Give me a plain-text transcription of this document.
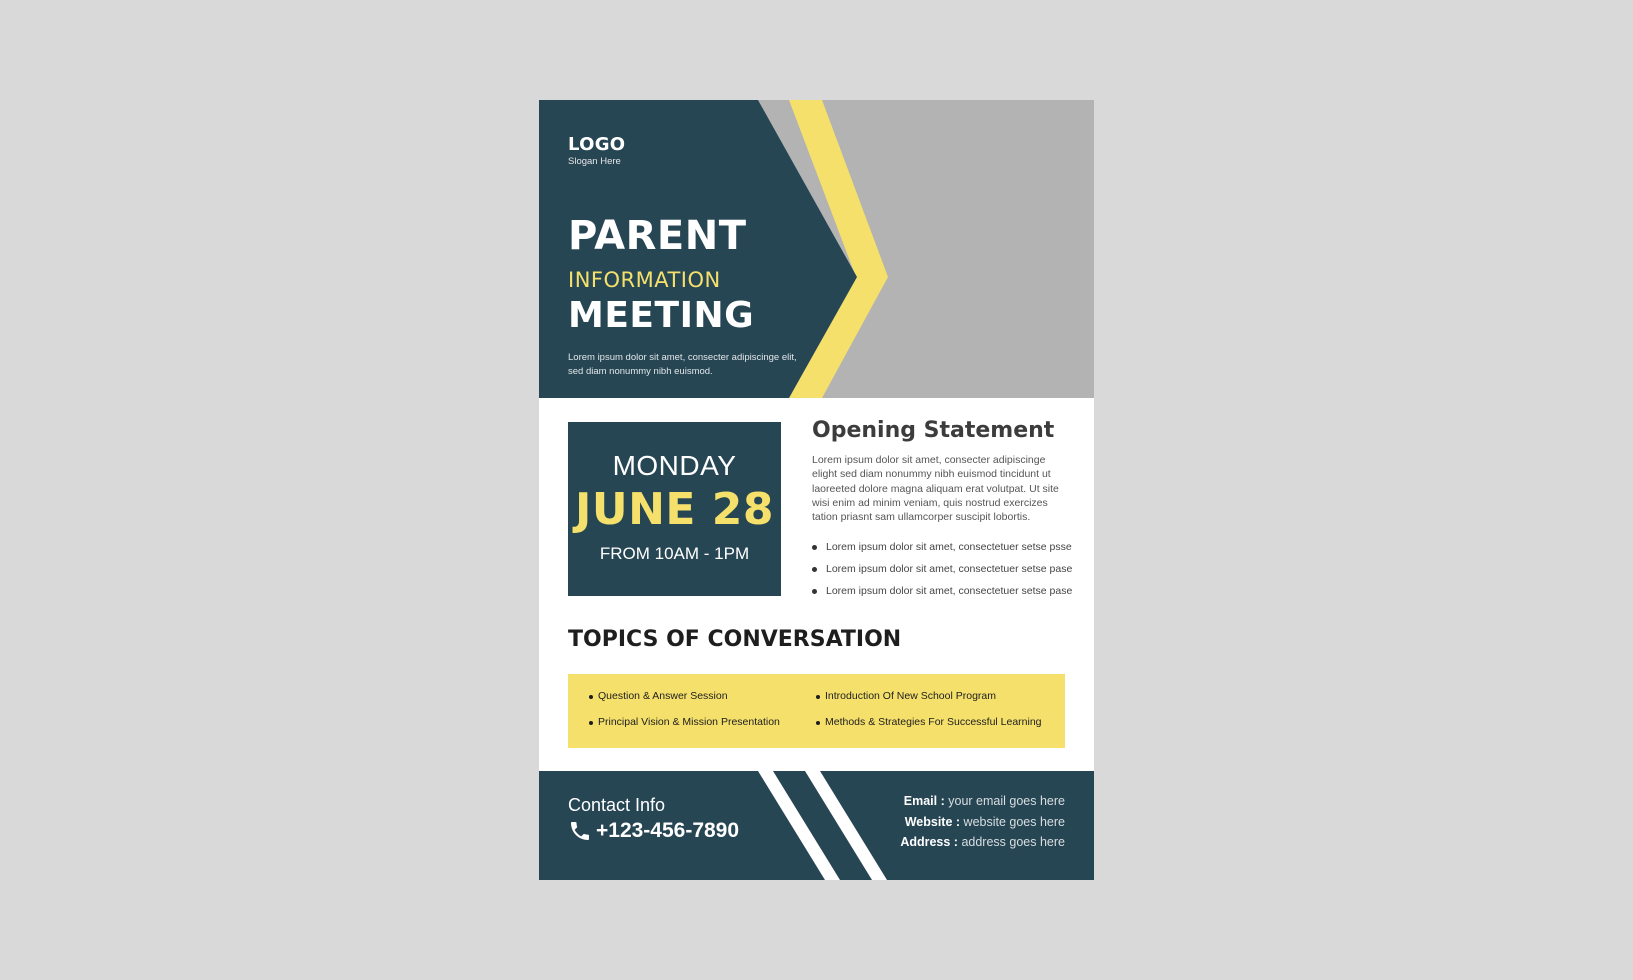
LOGO
Slogan Here
PARENT
INFORMATION
MEETING
Lorem ipsum dolor sit amet, consecter adipiscinge elit, sed diam nonummy nibh euismod.
MONDAY
JUNE 28
FROM 10AM - 1PM
Opening Statement
Lorem ipsum dolor sit amet, consecter adipiscinge elight sed diam nonummy nibh euismod tincidunt ut laoreeted dolore magna aliquam erat volutpat. Ut site wisi enim ad minim veniam, quis nostrud exercizes tation priasnt sam ullamcorper suscipit lobortis.
Lorem ipsum dolor sit amet, consectetuer setse psse
Lorem ipsum dolor sit amet, consectetuer setse pase
Lorem ipsum dolor sit amet, consectetuer setse pase
TOPICS OF CONVERSATION
Question & Answer Session	Introduction Of New School Program
Principal Vision & Mission Presentation	Methods & Strategies For Successful Learning
Contact Info
+123-456-7890
Email : your email goes here
Website : website goes here
Address : address goes here
